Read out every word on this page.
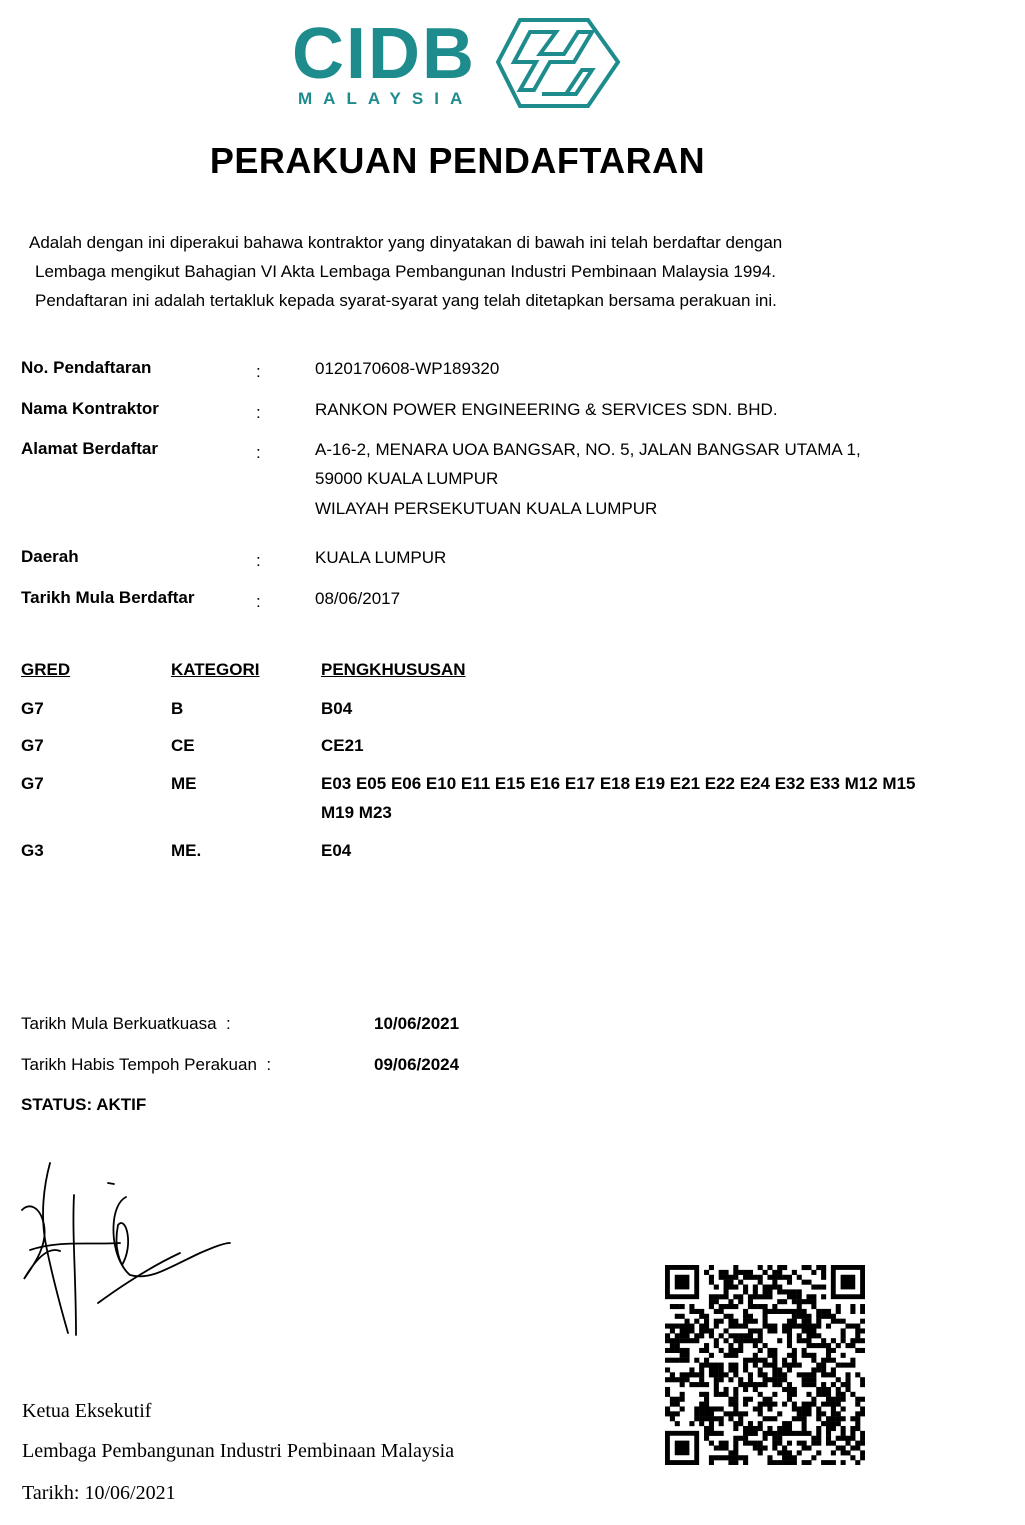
CIDB
MALAYSIA
PERAKUAN PENDAFTARAN
Adalah dengan ini diperakui bahawa kontraktor yang dinyatakan di bawah ini telah berdaftar dengan
Lembaga mengikut Bahagian VI Akta Lembaga Pembangunan Industri Pembinaan Malaysia 1994.
Pendaftaran ini adalah tertakluk kepada syarat-syarat yang telah ditetapkan bersama perakuan ini.
No. Pendaftaran	:	0120170608-WP189320
Nama Kontraktor	:	RANKON POWER ENGINEERING & SERVICES SDN. BHD.
Alamat Berdaftar	:	A-16-2, MENARA UOA BANGSAR, NO. 5, JALAN BANGSAR UTAMA 1,
59000 KUALA LUMPUR
WILAYAH PERSEKUTUAN KUALA LUMPUR
Daerah	:	KUALA LUMPUR
Tarikh Mula Berdaftar	:	08/06/2017
GRED	KATEGORI	PENGKHUSUSAN
G7	B	B04
G7	CE	CE21
G7	ME	E03 E05 E06 E10 E11 E15 E16 E17 E18 E19 E21 E22 E24 E32 E33 M12 M15
M19 M23
G3	ME.	E04
Tarikh Mula Berkuatkuasa  :	10/06/2021
Tarikh Habis Tempoh Perakuan  :	09/06/2024
STATUS: AKTIF
Ketua Eksekutif
Lembaga Pembangunan Industri Pembinaan Malaysia
Tarikh: 10/06/2021
